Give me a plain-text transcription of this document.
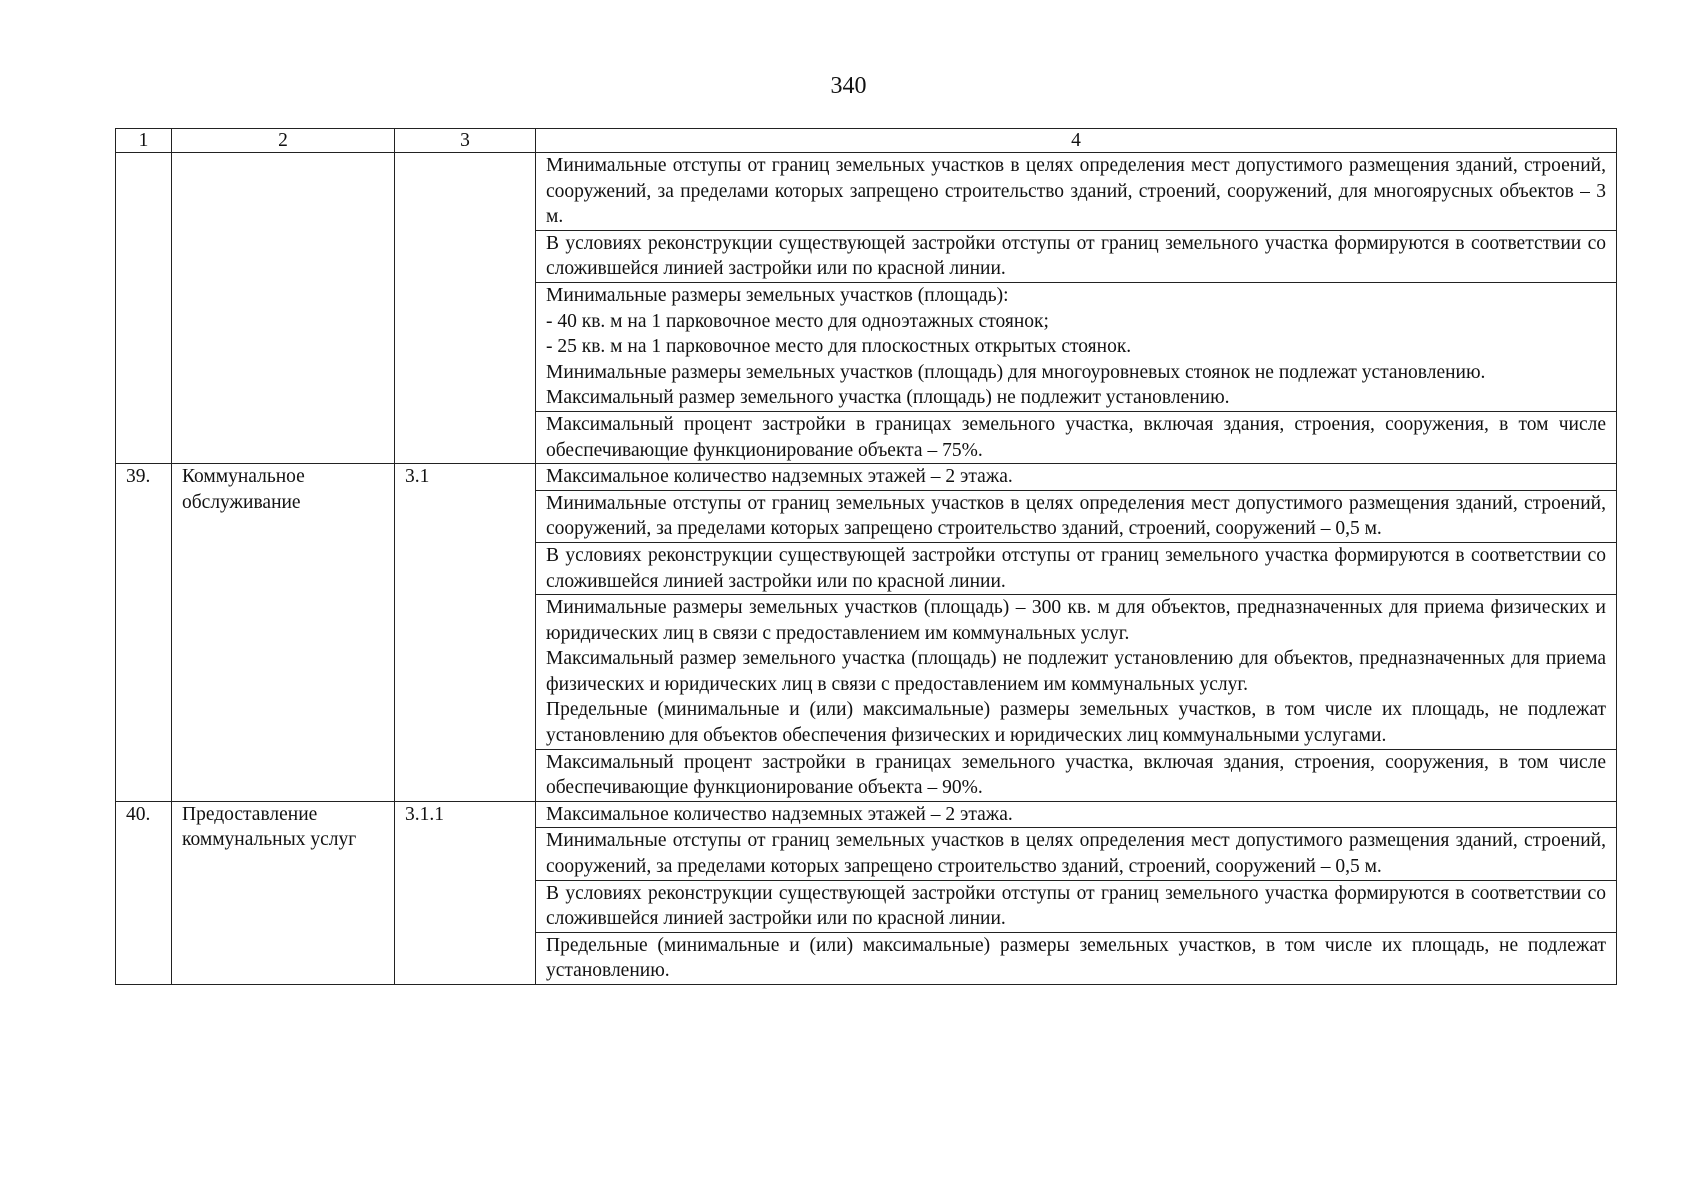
340
1	2	3	4

			Минимальные отступы от границ земельных участков в целях определения мест допустимого размещения зданий, строений, сооружений, за пределами которых запрещено строительство зданий, строений, сооружений, для многоярусных объектов – 3 м.

			В условиях реконструкции существующей застройки отступы от границ земельного участка формируются в соответствии со сложившейся линией застройки или по красной линии.

			Минимальные размеры земельных участков (площадь):
- 40 кв. м на 1 парковочное место для одноэтажных стоянок;
- 25 кв. м на 1 парковочное место для плоскостных открытых стоянок.
Минимальные размеры земельных участков (площадь) для многоуровневых стоянок не подлежат установлению.
Максимальный размер земельного участка (площадь) не подлежит установлению.

			Максимальный процент застройки в границах земельного участка, включая здания, строения, сооружения, в том числе обеспечивающие функционирование объекта – 75%.

39.	Коммунальное обслуживание	3.1	Максимальное количество надземных этажей – 2 этажа.

			Минимальные отступы от границ земельных участков в целях определения мест допустимого размещения зданий, строений, сооружений, за пределами которых запрещено строительство зданий, строений, сооружений – 0,5 м.

			В условиях реконструкции существующей застройки отступы от границ земельного участка формируются в соответствии со сложившейся линией застройки или по красной линии.

			Минимальные размеры земельных участков (площадь) – 300 кв. м для объектов, предназначенных для приема физических и юридических лиц в связи с предоставлением им коммунальных услуг.
Максимальный размер земельного участка (площадь) не подлежит установлению для объектов, предназначенных для приема физических и юридических лиц в связи с предоставлением им коммунальных услуг.
Предельные (минимальные и (или) максимальные) размеры земельных участков, в том числе их площадь, не подлежат установлению для объектов обеспечения физических и юридических лиц коммунальными услугами.

			Максимальный процент застройки в границах земельного участка, включая здания, строения, сооружения, в том числе обеспечивающие функционирование объекта – 90%.

40.	Предоставление коммунальных услуг	3.1.1	Максимальное количество надземных этажей – 2 этажа.

			Минимальные отступы от границ земельных участков в целях определения мест допустимого размещения зданий, строений, сооружений, за пределами которых запрещено строительство зданий, строений, сооружений – 0,5 м.

			В условиях реконструкции существующей застройки отступы от границ земельного участка формируются в соответствии со сложившейся линией застройки или по красной линии.

			Предельные (минимальные и (или) максимальные) размеры земельных участков, в том числе их площадь, не подлежат установлению.
